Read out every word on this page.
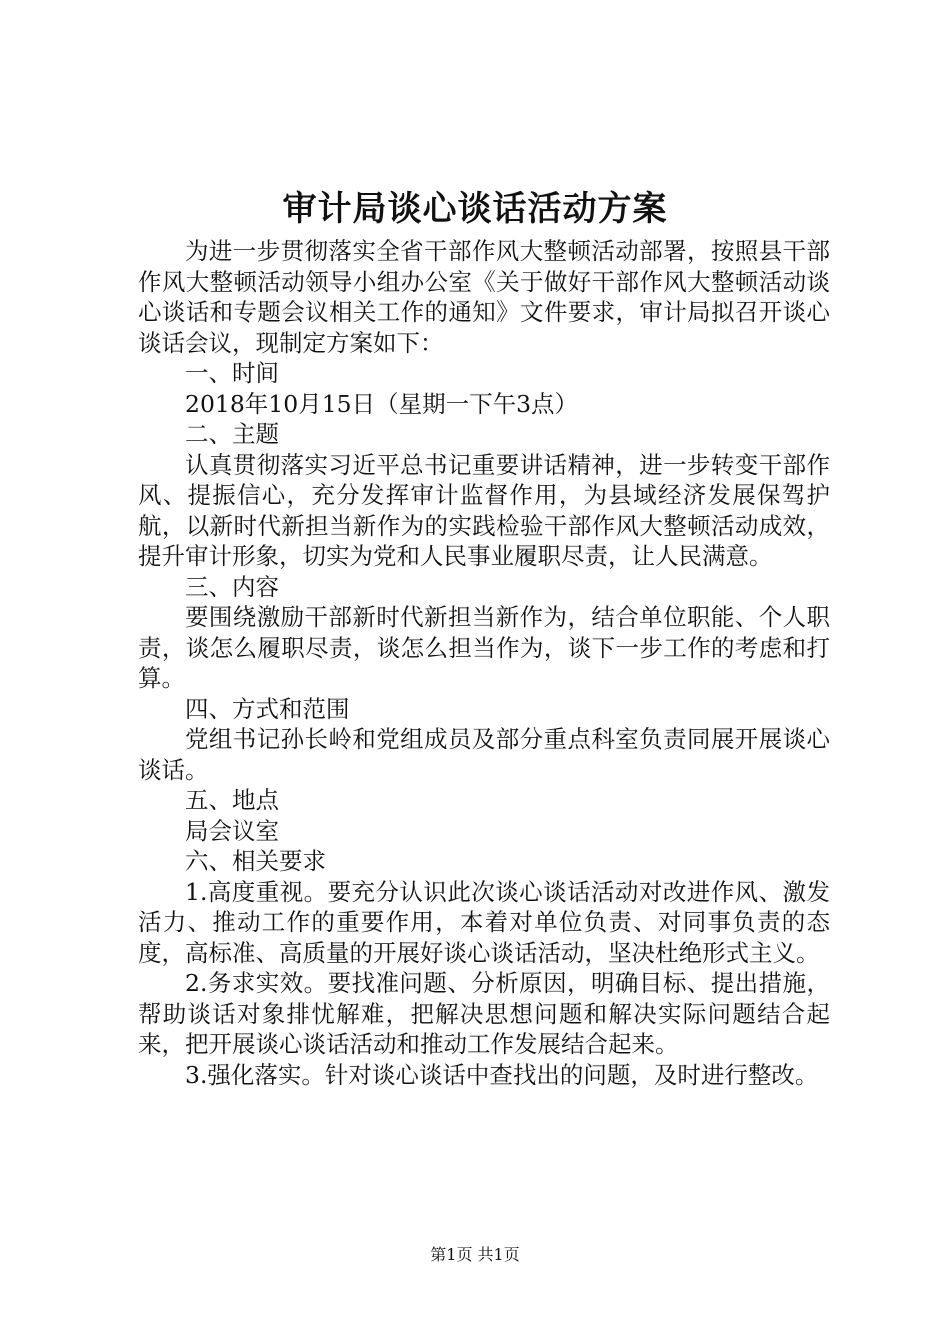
审计局谈心谈话活动方案

为进一步贯彻落实全省干部作风大整顿活动部署，按照县干部作风大整顿活动领导小组办公室《关于做好干部作风大整顿活动谈心谈话和专题会议相关工作的通知》文件要求，审计局拟召开谈心谈话会议，现制定方案如下：

一、时间

2018年10月15日（星期一下午3点）

二、主题

认真贯彻落实习近平总书记重要讲话精神，进一步转变干部作风、提振信心，充分发挥审计监督作用，为县域经济发展保驾护航，以新时代新担当新作为的实践检验干部作风大整顿活动成效，提升审计形象，切实为党和人民事业履职尽责，让人民满意。

三、内容

要围绕激励干部新时代新担当新作为，结合单位职能、个人职责，谈怎么履职尽责，谈怎么担当作为，谈下一步工作的考虑和打算。

四、方式和范围

党组书记孙长岭和党组成员及部分重点科室负责同展开展谈心谈话。

五、地点

局会议室

六、相关要求

1.高度重视。要充分认识此次谈心谈话活动对改进作风、激发活力、推动工作的重要作用，本着对单位负责、对同事负责的态度，高标准、高质量的开展好谈心谈话活动，坚决杜绝形式主义。

2.务求实效。要找准问题、分析原因，明确目标、提出措施，帮助谈话对象排忧解难，把解决思想问题和解决实际问题结合起来，把开展谈心谈话活动和推动工作发展结合起来。

3.强化落实。针对谈心谈话中查找出的问题，及时进行整改。

第1页 共1页
